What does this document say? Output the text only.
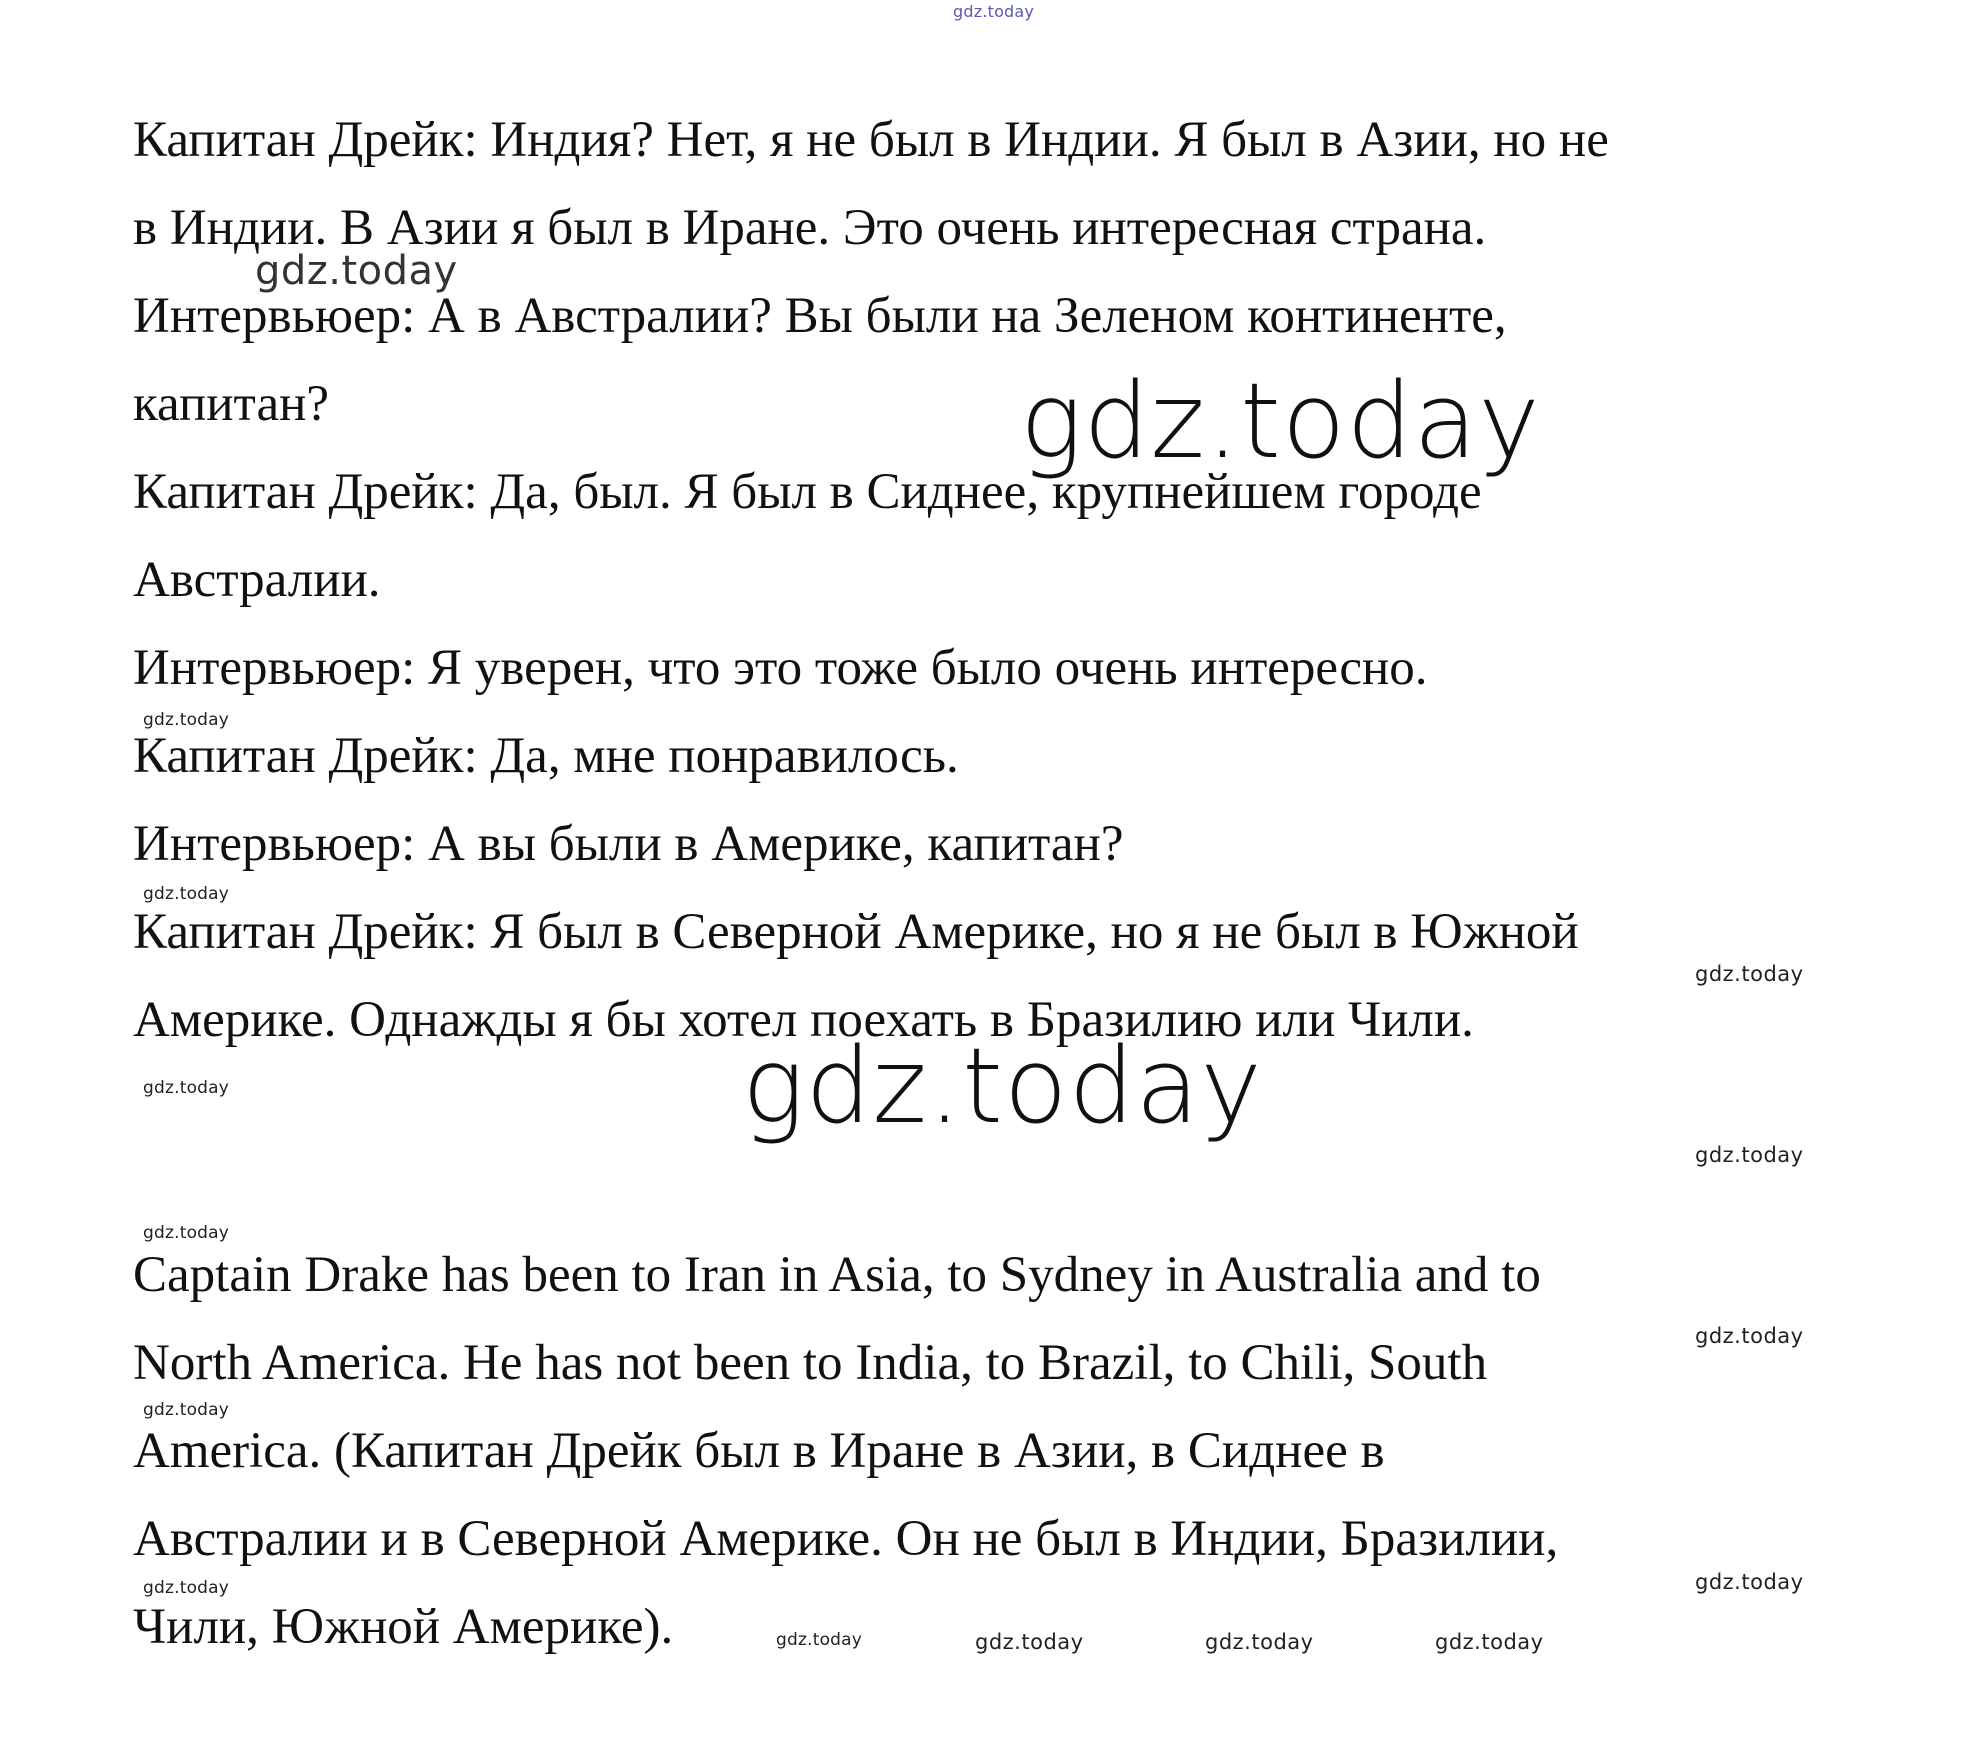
gdz.today
Капитан Дрейк: Индия? Нет, я не был в Индии. Я был в Азии, но не
в Индии. В Азии я был в Иране. Это очень интересная страна.
Интервьюер: А в Австралии? Вы были на Зеленом континенте,
капитан?
Капитан Дрейк: Да, был. Я был в Сиднее, крупнейшем городе
Австралии.
Интервьюер: Я уверен, что это тоже было очень интересно.
Капитан Дрейк: Да, мне понравилось.
Интервьюер: А вы были в Америке, капитан?
Капитан Дрейк: Я был в Северной Америке, но я не был в Южной
Америке. Однажды я бы хотел поехать в Бразилию или Чили.
Captain Drake has been to Iran in Asia, to Sydney in Australia and to
North America. He has not been to India, to Brazil, to Chili, South
America. (Капитан Дрейк был в Иране в Азии, в Сиднее в
Австралии и в Северной Америке. Он не был в Индии, Бразилии,
Чили, Южной Америке).
gdz.today
gdz.today
gdz.today
gdz.today
gdz.today
gdz.today	gdz.today
gdz.today
gdz.today
gdz.today
gdz.today
gdz.today
gdz.today
gdz.today	gdz.today	gdz.today	gdz.today
